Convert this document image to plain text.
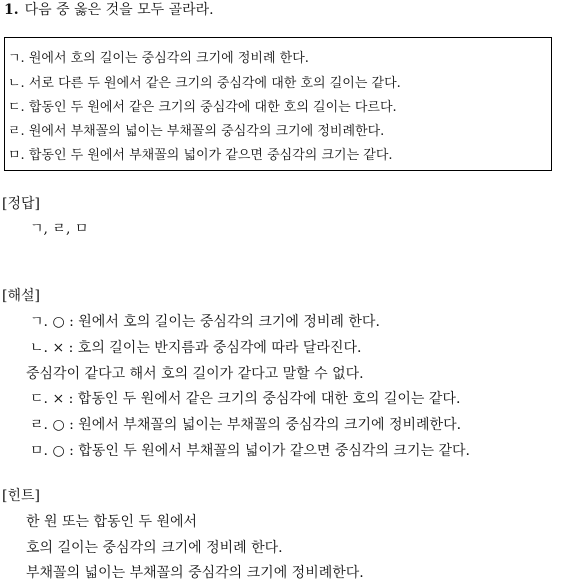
1. 다음 중 옳은 것을 모두 골라라.
ㄱ. 원에서 호의 길이는 중심각의 크기에 정비례 한다.
ㄴ. 서로 다른 두 원에서 같은 크기의 중심각에 대한 호의 길이는 같다.
ㄷ. 합동인 두 원에서 같은 크기의 중심각에 대한 호의 길이는 다르다.
ㄹ. 원에서 부채꼴의 넓이는 부채꼴의 중심각의 크기에 정비례한다.
ㅁ. 합동인 두 원에서 부채꼴의 넓이가 같으면 중심각의 크기는 같다.
[정답]
ㄱ, ㄹ, ㅁ
[해설]
ㄱ. ○ : 원에서 호의 길이는 중심각의 크기에 정비례 한다.
ㄴ. × : 호의 길이는 반지름과 중심각에 따라 달라진다.
중심각이 같다고 해서 호의 길이가 같다고 말할 수 없다.
ㄷ. × : 합동인 두 원에서 같은 크기의 중심각에 대한 호의 길이는 같다.
ㄹ. ○ : 원에서 부채꼴의 넓이는 부채꼴의 중심각의 크기에 정비례한다.
ㅁ. ○ : 합동인 두 원에서 부채꼴의 넓이가 같으면 중심각의 크기는 같다.
[힌트]
한 원 또는 합동인 두 원에서
호의 길이는 중심각의 크기에 정비례 한다.
부채꼴의 넓이는 부채꼴의 중심각의 크기에 정비례한다.
